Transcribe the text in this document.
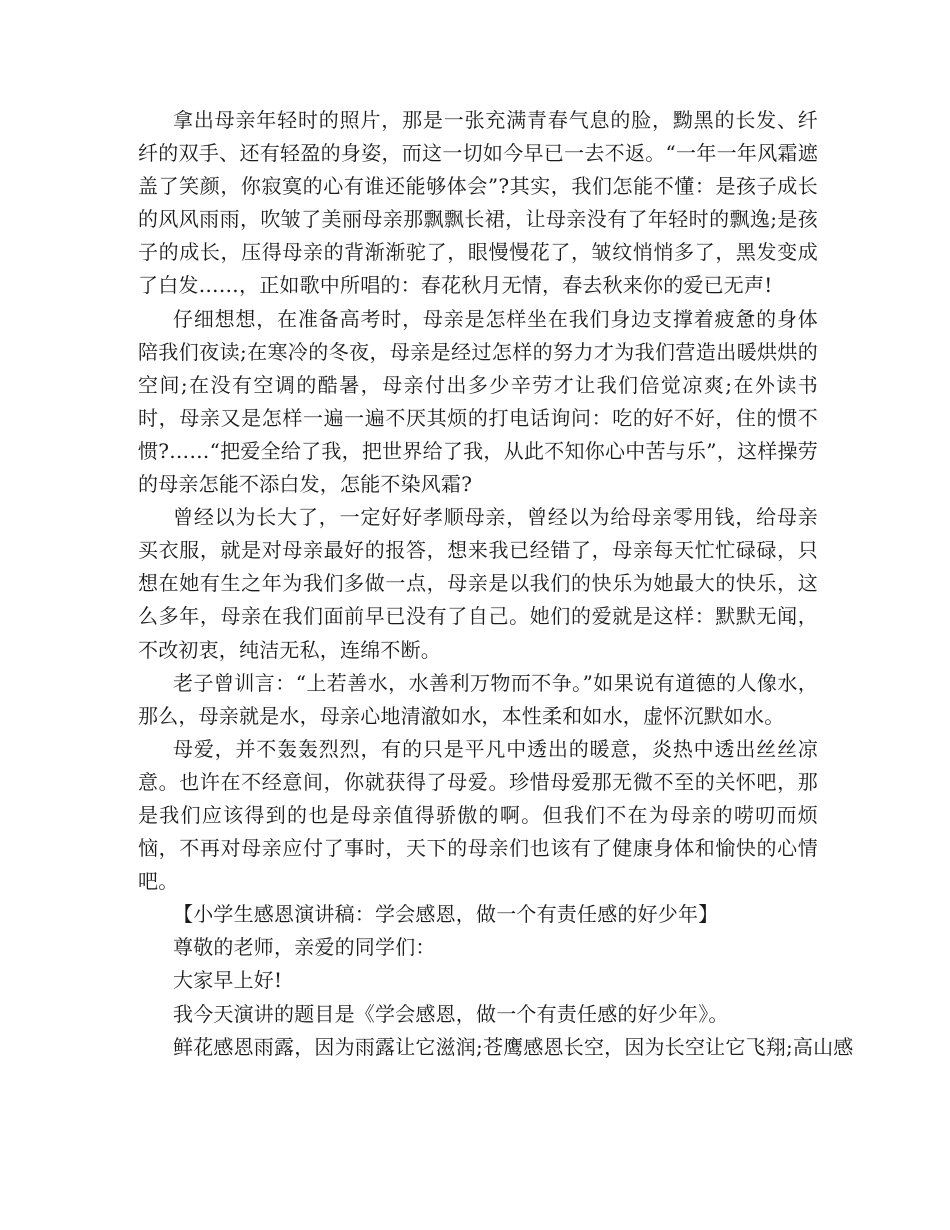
拿出母亲年轻时的照片，那是一张充满青春气息的脸，黝黑的长发、纤纤的双手、还有轻盈的身姿，而这一切如今早已一去不返。“一年一年风霜遮盖了笑颜，你寂寞的心有谁还能够体会”?其实，我们怎能不懂：是孩子成长的风风雨雨，吹皱了美丽母亲那飘飘长裙，让母亲没有了年轻时的飘逸;是孩子的成长，压得母亲的背渐渐驼了，眼慢慢花了，皱纹悄悄多了，黑发变成了白发……，正如歌中所唱的：春花秋月无情，春去秋来你的爱已无声!

仔细想想，在准备高考时，母亲是怎样坐在我们身边支撑着疲惫的身体陪我们夜读;在寒冷的冬夜，母亲是经过怎样的努力才为我们营造出暖烘烘的空间;在没有空调的酷暑，母亲付出多少辛劳才让我们倍觉凉爽;在外读书时，母亲又是怎样一遍一遍不厌其烦的打电话询问：吃的好不好，住的惯不惯?……“把爱全给了我，把世界给了我，从此不知你心中苦与乐”，这样操劳的母亲怎能不添白发，怎能不染风霜?

曾经以为长大了，一定好好孝顺母亲，曾经以为给母亲零用钱，给母亲买衣服，就是对母亲最好的报答，想来我已经错了，母亲每天忙忙碌碌，只想在她有生之年为我们多做一点，母亲是以我们的快乐为她最大的快乐，这么多年，母亲在我们面前早已没有了自己。她们的爱就是这样：默默无闻，不改初衷，纯洁无私，连绵不断。

老子曾训言：“上若善水，水善利万物而不争。”如果说有道德的人像水，那么，母亲就是水，母亲心地清澈如水，本性柔和如水，虚怀沉默如水。

母爱，并不轰轰烈烈，有的只是平凡中透出的暖意，炎热中透出丝丝凉意。也许在不经意间，你就获得了母爱。珍惜母爱那无微不至的关怀吧，那是我们应该得到的也是母亲值得骄傲的啊。但我们不在为母亲的唠叨而烦恼，不再对母亲应付了事时，天下的母亲们也该有了健康身体和愉快的心情吧。

【小学生感恩演讲稿：学会感恩，做一个有责任感的好少年】

尊敬的老师，亲爱的同学们：

大家早上好!

我今天演讲的题目是《学会感恩，做一个有责任感的好少年》。

鲜花感恩雨露，因为雨露让它滋润;苍鹰感恩长空，因为长空让它飞翔;高山感
